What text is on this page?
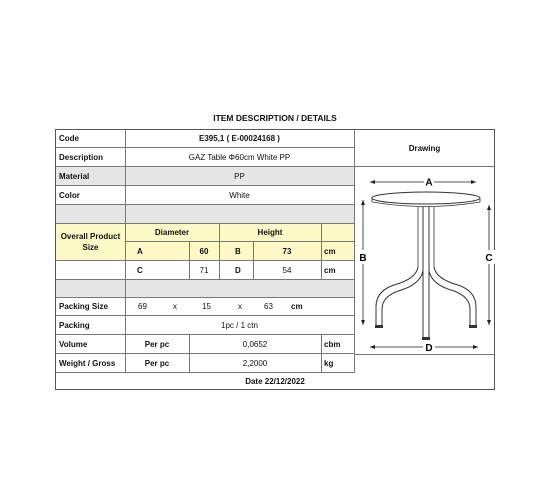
ITEM DESCRIPTION / DETAILS
Code	E395,1 ( E-00024168 )
Description	GAZ Table Φ60cm White PP
Material	PP
Color	White
Overall Product Size
Diameter	Height
A	60	B	73	cm
C	71	D	54	cm
Packing Size	69	x	15	x	63 cm
Packing	1pc / 1 ctn
Volume	Per pc	0,0652	cbm
Weight / Gross	Per pc	2,2000	kg
Drawing
A
B	C
D
Date 22/12/2022
